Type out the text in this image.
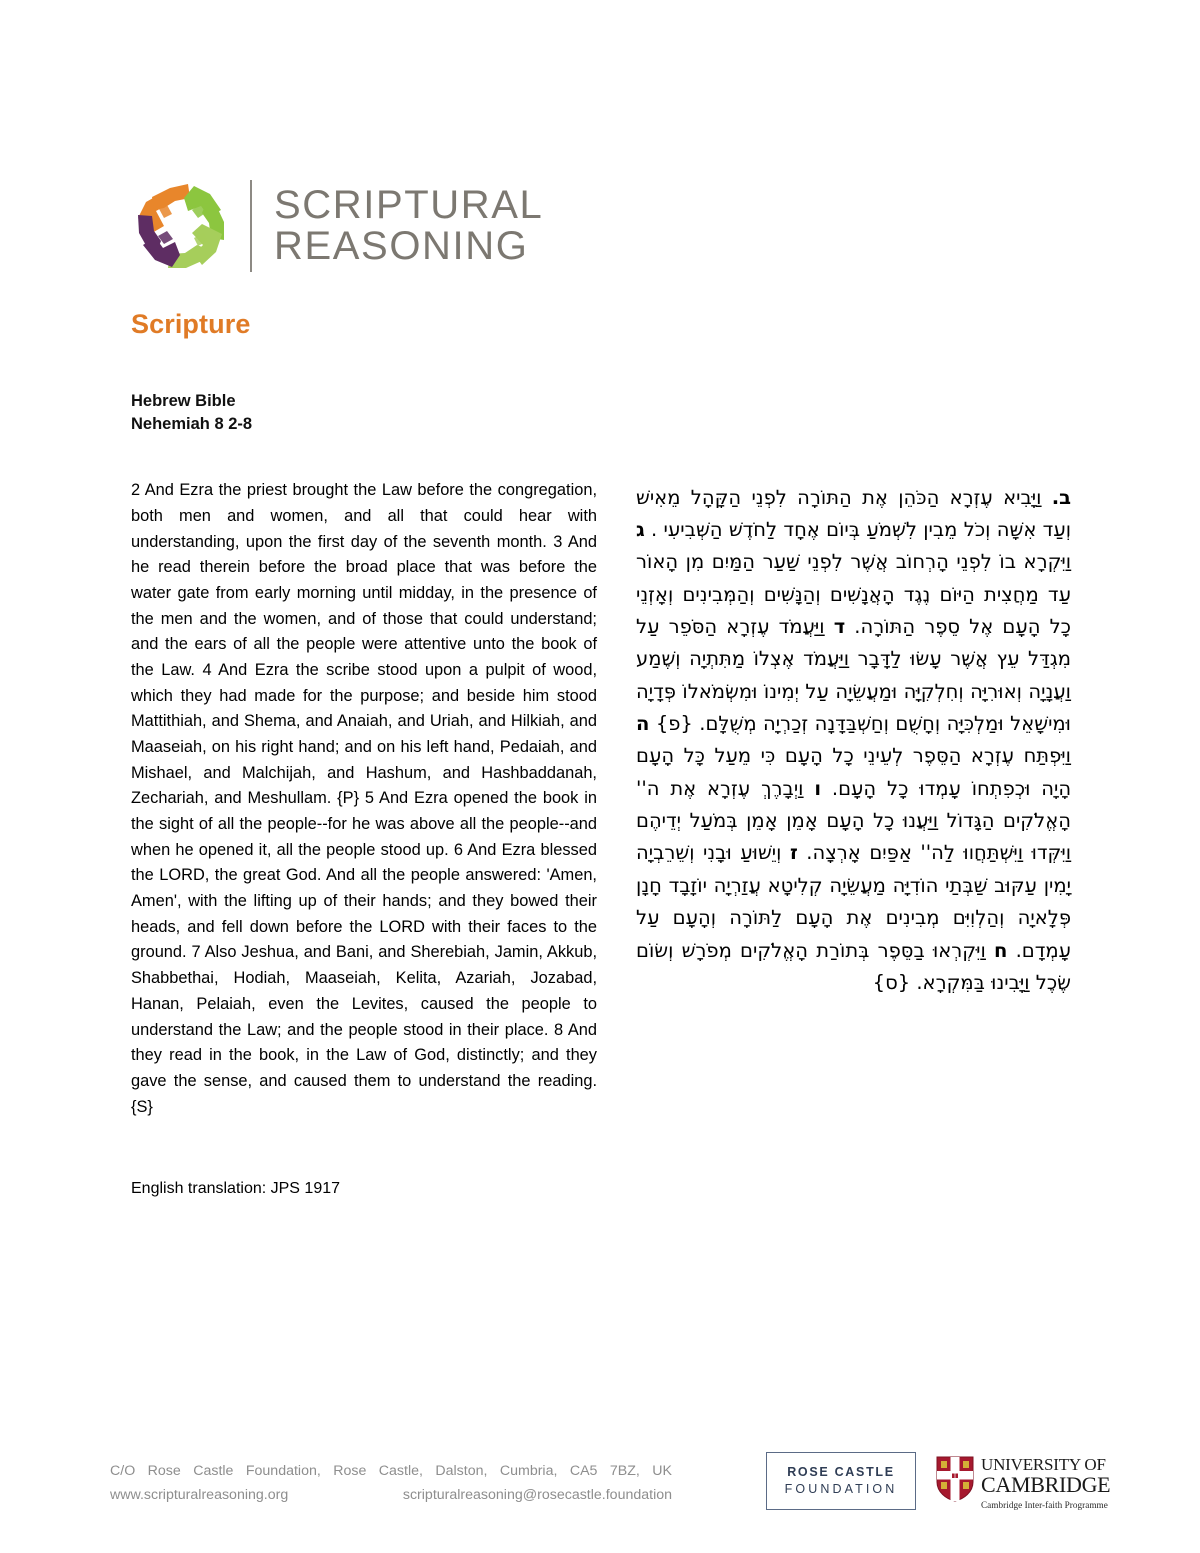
SCRIPTURAL
REASONING
Scripture
Hebrew Bible
Nehemiah 8 2-8

2 And Ezra the priest brought the Law before the congregation, both men and women, and all that could hear with understanding, upon the first day of the seventh month. 3 And he read therein before the broad place that was before the water gate from early morning until midday, in the presence of the men and the women, and of those that could understand; and the ears of all the people were attentive unto the book of the Law. 4 And Ezra the scribe stood upon a pulpit of wood, which they had made for the purpose; and beside him stood Mattithiah, and Shema, and Anaiah, and Uriah, and Hilkiah, and Maaseiah, on his right hand; and on his left hand, Pedaiah, and Mishael, and Malchijah, and Hashum, and Hashbaddanah, Zechariah, and Meshullam. {P} 5 And Ezra opened the book in the sight of all the people--for he was above all the people--and when he opened it, all the people stood up. 6 And Ezra blessed the LORD, the great God. And all the people answered: 'Amen, Amen', with the lifting up of their hands; and they bowed their heads, and fell down before the LORD with their faces to the ground. 7 Also Jeshua, and Bani, and Sherebiah, Jamin, Akkub, Shabbethai, Hodiah, Maaseiah, Kelita, Azariah, Jozabad, Hanan, Pelaiah, even the Levites, caused the people to understand the Law; and the people stood in their place. 8 And they read in the book, in the Law of God, distinctly; and they gave the sense, and caused them to understand the reading. {S}

ב. וַיָּבִיא עֶזְרָא הַכֹּהֵן אֶת הַתּוֹרָה לִפְנֵי הַקָּהָל מֵאִישׁ וְעַד אִשָּׁה וְכֹל מֵבִין לִשְׁמֹעַ בְּיוֹם אֶחָד לַחֹדֶשׁ הַשְּׁבִיעִי . ג וַיִּקְרָא בוֹ לִפְנֵי הָרְחוֹב אֲשֶׁר לִפְנֵי שַׁעַר הַמַּיִם מִן הָאוֹר עַד מַחֲצִית הַיּוֹם נֶגֶד הָאֲנָשִׁים וְהַנָּשִׁים וְהַמְּבִינִים וְאָזְנֵי כָל הָעָם אֶל סֵפֶר הַתּוֹרָה. ד וַיַּעֲמֹד עֶזְרָא הַסֹּפֵר עַל מִגְדַּל עֵץ אֲשֶׁר עָשׂוּ לַדָּבָר וַיַּעֲמֹד אֶצְלוֹ מַתִּתְיָה וְשֶׁמַע וַעֲנָיָה וְאוּרִיָּה וְחִלְקִיָּה וּמַעֲשֵׂיָה עַל יְמִינוֹ וּמִשְּׂמֹאלוֹ פְּדָיָה וּמִישָׁאֵל וּמַלְכִּיָּה וְחָשֻׁם וְחַשְׁבַּדָּנָה זְכַרְיָה מְשֻׁלָּם. {פ} ה וַיִּפְתַּח עֶזְרָא הַסֵּפֶר לְעֵינֵי כָל הָעָם כִּי מֵעַל כָּל הָעָם הָיָה וּכְפִתְחוֹ עָמְדוּ כָל הָעָם. ו וַיְבָרֶךְ עֶזְרָא אֶת ה'' הָאֱלֹקִים הַגָּדוֹל וַיַּעֲנוּ כָל הָעָם אָמֵן אָמֵן בְּמֹעַל יְדֵיהֶם וַיִּקְּדוּ וַיִּשְׁתַּחֲווּ לַה'' אַפַּיִם אָרְצָה. ז וְיֵשׁוּעַ וּבָנִי וְשֵׁרֵבְיָה יָמִין עַקּוּב שַׁבְּתַי הוֹדִיָּה מַעֲשֵׂיָה קְלִיטָא עֲזַרְיָה יוֹזָבָד חָנָן פְּלָאיָה וְהַלְוִיִּם מְבִינִים אֶת הָעָם לַתּוֹרָה וְהָעָם עַל עָמְדָם. ח וַיִּקְרְאוּ בַסֵּפֶר בְּתוֹרַת הָאֱלֹקִים מְפֹרָשׁ וְשׂוֹם שֶׂכֶל וַיָּבִינוּ בַּמִּקְרָא. {ס}

English translation: JPS 1917
C/O Rose Castle Foundation, Rose Castle, Dalston, Cumbria, CA5 7BZ, UK
www.scripturalreasoning.org	scripturalreasoning@rosecastle.foundation
ROSE CASTLE
FOUNDATION
UNIVERSITY OF
CAMBRIDGE
Cambridge Inter-faith Programme
